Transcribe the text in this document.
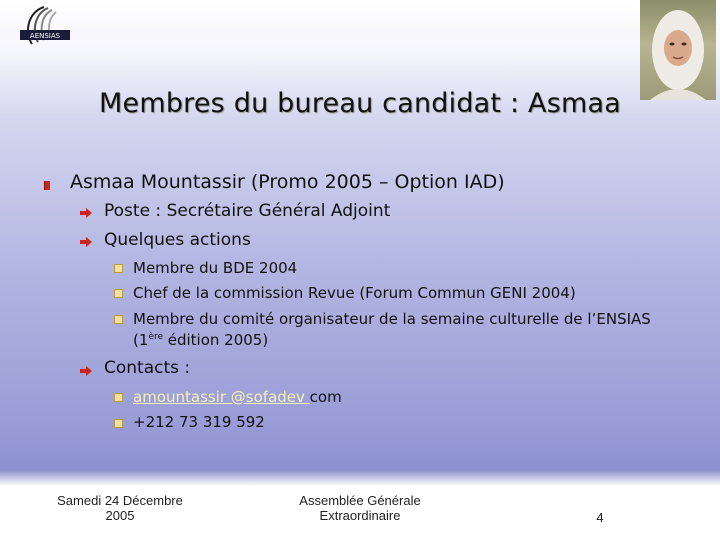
AENSIAS
Membres du bureau candidat : Asmaa
Asmaa Mountassir (Promo 2005 – Option IAD)
Poste : Secrétaire Général Adjoint
Quelques actions
Membre du BDE 2004
Chef de la commission Revue (Forum Commun GENI 2004)
Membre du comité organisateur de la semaine culturelle de l’ENSIAS
(1ère édition 2005)
Contacts :
amountassir @sofadev com
+212 73 319 592
Samedi 24 Décembre
2005
Assemblée Générale
Extraordinaire	4
